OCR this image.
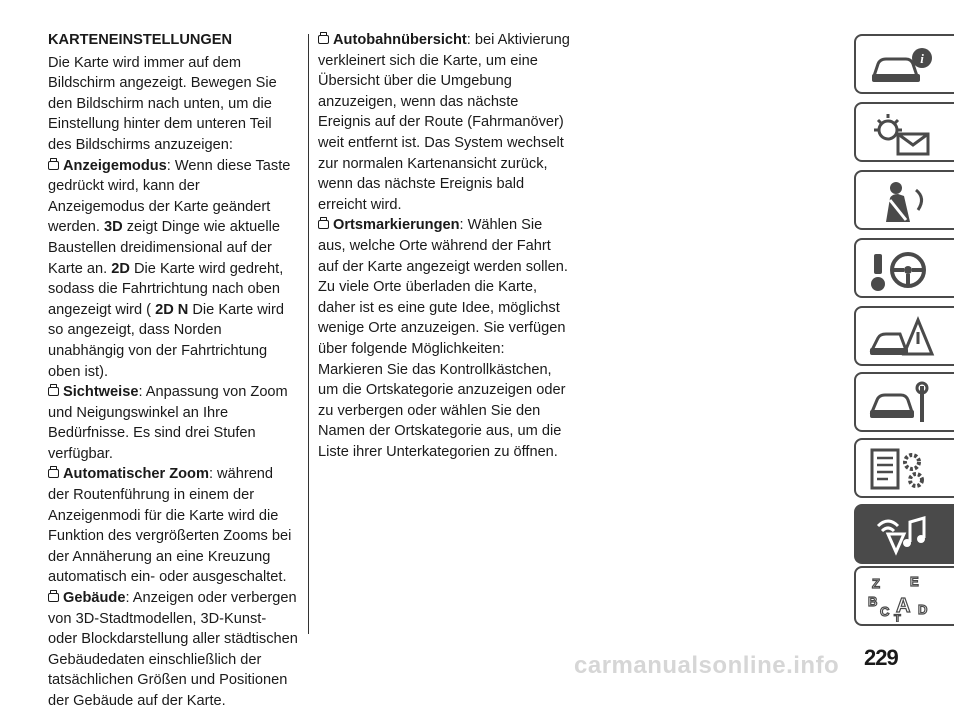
KARTENEINSTELLUNGEN

Die Karte wird immer auf dem Bildschirm angezeigt. Bewegen Sie den Bildschirm nach unten, um die Einstellung hinter dem unteren Teil des Bildschirms anzuzeigen:

Anzeigemodus: Wenn diese Taste gedrückt wird, kann der Anzeigemodus der Karte geändert werden. 3D zeigt Dinge wie aktuelle Baustellen dreidimensional auf der Karte an. 2D Die Karte wird gedreht, sodass die Fahrtrichtung nach oben angezeigt wird ( 2D N Die Karte wird so angezeigt, dass Norden unabhängig von der Fahrtrichtung oben ist).

Sichtweise: Anpassung von Zoom und Neigungswinkel an Ihre Bedürfnisse. Es sind drei Stufen verfügbar.

Automatischer Zoom: während der Routenführung in einem der Anzeigenmodi für die Karte wird die Funktion des vergrößerten Zooms bei der Annäherung an eine Kreuzung automatisch ein- oder ausgeschaltet.

Gebäude: Anzeigen oder verbergen von 3D-Stadtmodellen, 3D-Kunst- oder Blockdarstellung aller städtischen Gebäudedaten einschließlich der tatsächlichen Größen und Positionen der Gebäude auf der Karte.

Autobahnübersicht: bei Aktivierung verkleinert sich die Karte, um eine Übersicht über die Umgebung anzuzeigen, wenn das nächste Ereignis auf der Route (Fahrmanöver) weit entfernt ist. Das System wechselt zur normalen Kartenansicht zurück, wenn das nächste Ereignis bald erreicht wird.

Ortsmarkierungen: Wählen Sie aus, welche Orte während der Fahrt auf der Karte angezeigt werden sollen. Zu viele Orte überladen die Karte, daher ist es eine gute Idee, möglichst wenige Orte anzuzeigen. Sie verfügen über folgende Möglichkeiten: Markieren Sie das Kontrollkästchen, um die Ortskategorie anzuzeigen oder zu verbergen oder wählen Sie den Namen der Ortskategorie aus, um die Liste ihrer Unterkategorien zu öffnen.

i
Z E
B A
C D
T
carmanualsonline.info 229
